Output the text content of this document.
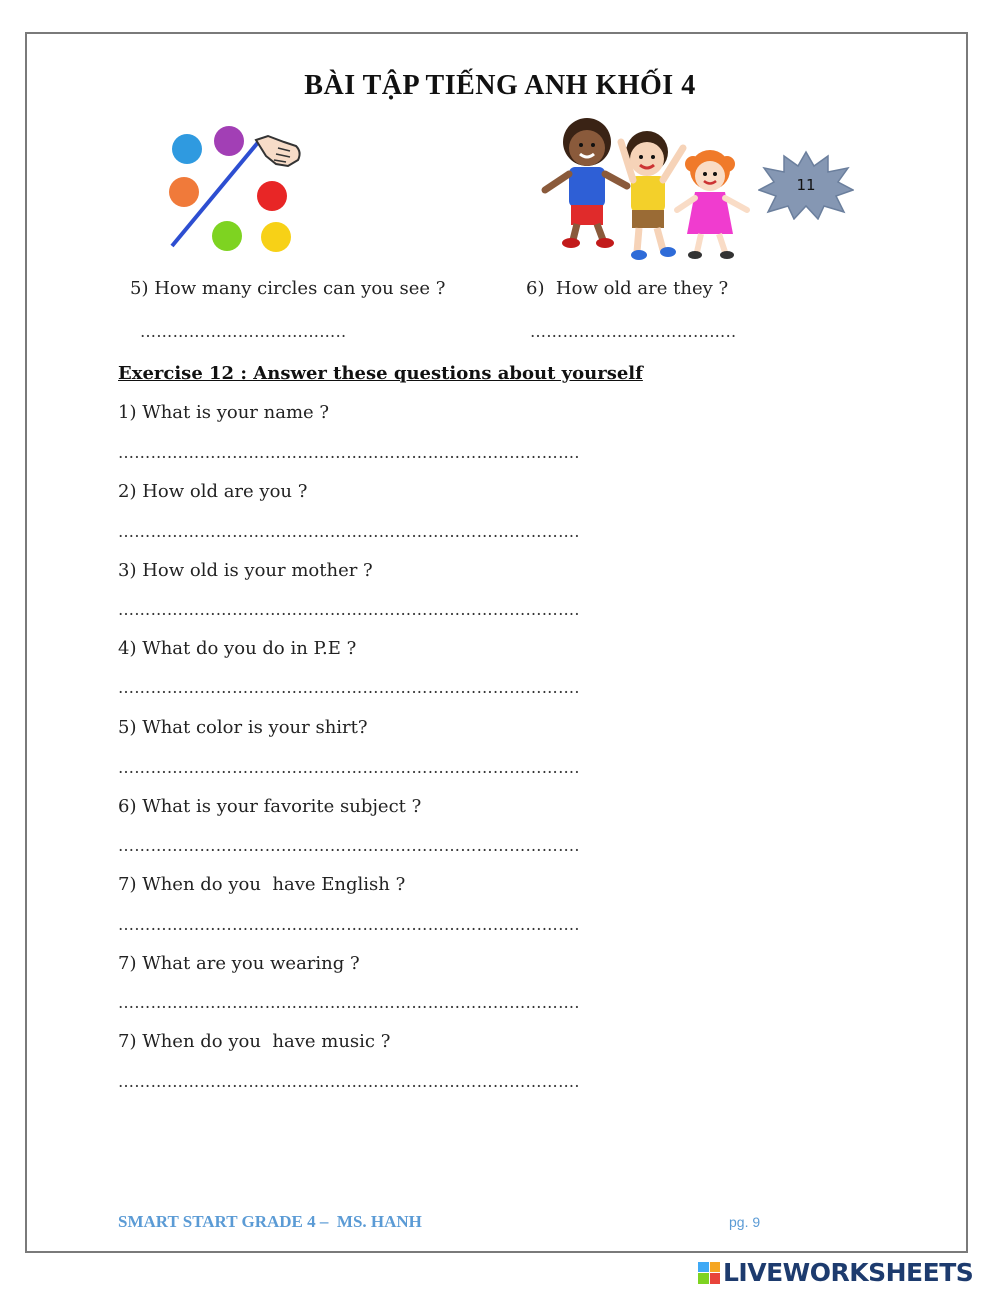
BÀI TẬP TIẾNG ANH KHỐI 4
11
5) How many circles can you see ?	6)  How old are they ?
………………………………..	………………………………..
Exercise 12 : Answer these questions about yourself
1) What is your name ?
………………………………………………………………………….
2) How old are you ?
………………………………………………………………………….
3) How old is your mother ?
………………………………………………………………………….
4) What do you do in P.E ?
………………………………………………………………………….
5) What color is your shirt?
………………………………………………………………………….
6) What is your favorite subject ?
………………………………………………………………………….
7) When do you  have English ?
………………………………………………………………………….
7) What are you wearing ?
………………………………………………………………………….
7) When do you  have music ?
………………………………………………………………………….
SMART START GRADE 4 –  MS. HANH	pg. 9
LIVEWORKSHEETS
